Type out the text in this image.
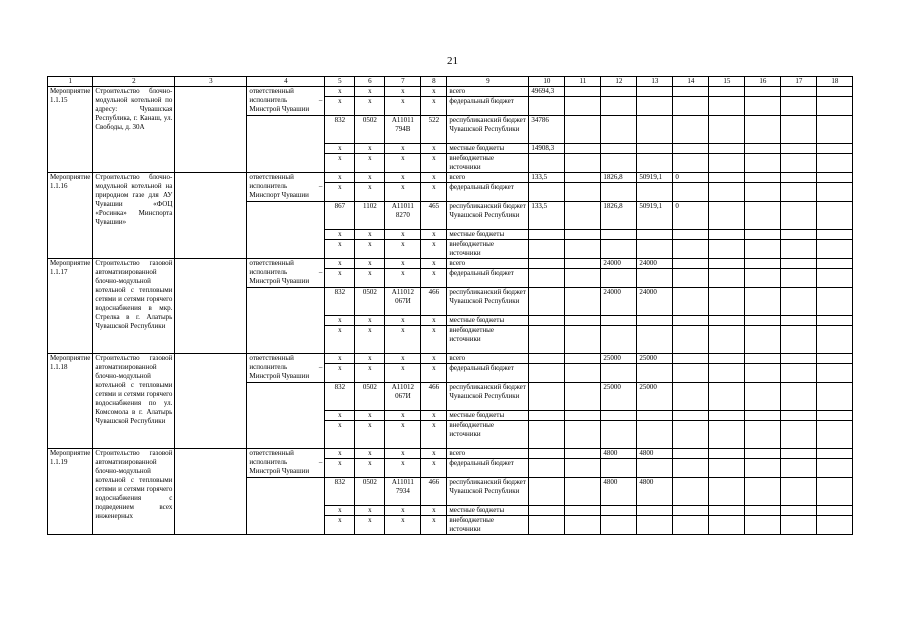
21
1	2	3	4	5	6	7	8	9	10	11	12	13	14	15	16	17	18
Мероприятие 1.1.15	Строительство блочно-модульной котельной по адресу: Чувашская Республика, г. Канаш, ул. Свободы, д. 30А		ответственный исполнитель – Минстрой Чувашии	х	х	х	х	всего	49694,3								
				х	х	х	х	федеральный бюджет									
				832	0502	А11011 794В	522	республиканский бюджет Чувашской Республики	34786								
				х	х	х	х	местные бюджеты	14908,3								
				х	х	х	х	внебюджетные источники									
Мероприятие 1.1.16	Строительство блочно-модульной котельной на природном газе для АУ Чувашии «ФОЦ «Росинка» Минспорта Чувашии»		ответственный исполнитель – Минспорт Чувашии	х	х	х	х	всего	133,5		1826,8	50919,1	0				
				х	х	х	х	федеральный бюджет									
				867	1102	А11011 8270	465	республиканский бюджет Чувашской Республики	133,5		1826,8	50919,1	0				
				х	х	х	х	местные бюджеты									
				х	х	х	х	внебюджетные источники									
Мероприятие 1.1.17	Строительство газовой автоматизированной блочно-модульной котельной с тепловыми сетями и сетями горячего водоснабжения в мкр. Стрелка в г. Алатырь Чувашской Республики		ответственный исполнитель – Минстрой Чувашии	х	х	х	х	всего			24000	24000					
				х	х	х	х	федеральный бюджет									
				832	0502	А11012 067И	466	республиканский бюджет Чувашской Республики			24000	24000					
				х	х	х	х	местные бюджеты									
				х	х	х	х	внебюджетные источники									
Мероприятие 1.1.18	Строительство газовой автоматизированной блочно-модульной котельной с тепловыми сетями и сетями горячего водоснабжения по ул. Комсомола в г. Алатырь Чувашской Республики		ответственный исполнитель – Минстрой Чувашии	х	х	х	х	всего			25000	25000					
				х	х	х	х	федеральный бюджет									
				832	0502	А11012 067И	466	республиканский бюджет Чувашской Республики			25000	25000					
				х	х	х	х	местные бюджеты									
				х	х	х	х	внебюджетные источники									
Мероприятие 1.1.19	Строительство газовой автоматизированной блочно-модульной котельной с тепловыми сетями и сетями горячего водоснабжения с подведением всех инженерных		ответственный исполнитель – Минстрой Чувашии	х	х	х	х	всего			4800	4800					
				х	х	х	х	федеральный бюджет									
				832	0502	А11011 7934	466	республиканский бюджет Чувашской Республики			4800	4800					
				х	х	х	х	местные бюджеты									
				х	х	х	х	внебюджетные источники									
